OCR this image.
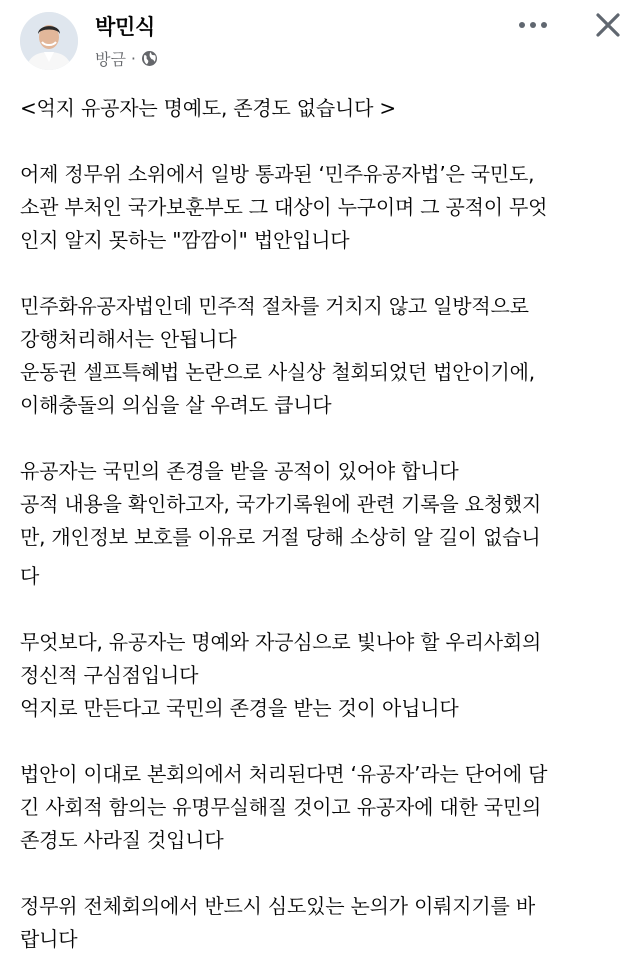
박민식
방금 ·
<억지 유공자는 명예도, 존경도 없습니다 >
어제 정무위 소위에서 일방 통과된 ‘민주유공자법’은 국민도,
소관 부처인 국가보훈부도 그 대상이 누구이며 그 공적이 무엇
인지 알지 못하는 "깜깜이" 법안입니다
민주화유공자법인데 민주적 절차를 거치지 않고 일방적으로
강행처리해서는 안됩니다
운동권 셀프특혜법 논란으로 사실상 철회되었던 법안이기에,
이해충돌의 의심을 살 우려도 큽니다
유공자는 국민의 존경을 받을 공적이 있어야 합니다
공적 내용을 확인하고자, 국가기록원에 관련 기록을 요청했지
만, 개인정보 보호를 이유로 거절 당해 소상히 알 길이 없습니
다
무엇보다, 유공자는 명예와 자긍심으로 빛나야 할 우리사회의
정신적 구심점입니다
억지로 만든다고 국민의 존경을 받는 것이 아닙니다
법안이 이대로 본회의에서 처리된다면 ‘유공자’라는 단어에 담
긴 사회적 함의는 유명무실해질 것이고 유공자에 대한 국민의
존경도 사라질 것입니다
정무위 전체회의에서 반드시 심도있는 논의가 이뤄지기를 바
랍니다
